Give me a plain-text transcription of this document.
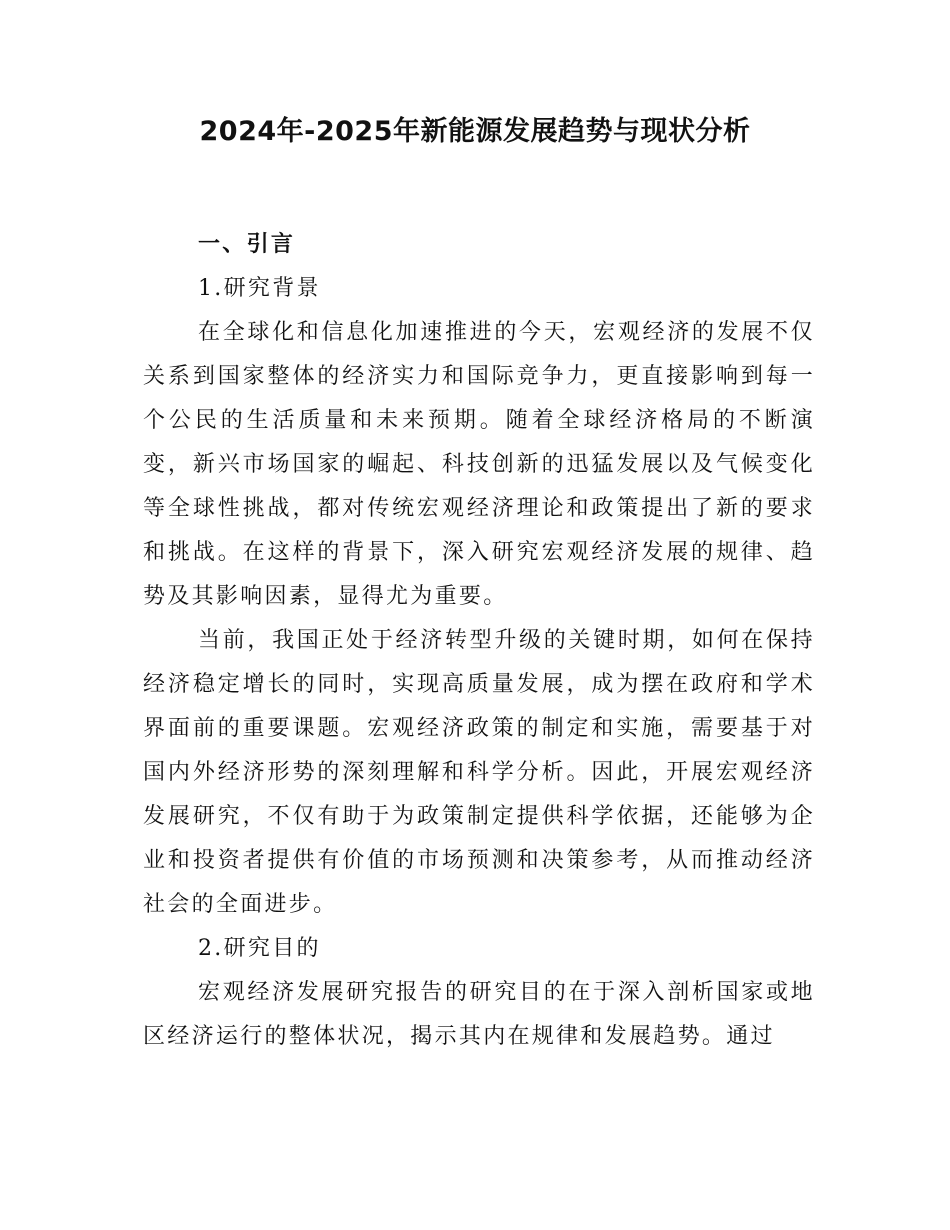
2024年-2025年新能源发展趋势与现状分析

一、引言

1.研究背景

在全球化和信息化加速推进的今天，宏观经济的发展不仅关系到国家整体的经济实力和国际竞争力，更直接影响到每一个公民的生活质量和未来预期。随着全球经济格局的不断演变，新兴市场国家的崛起、科技创新的迅猛发展以及气候变化等全球性挑战，都对传统宏观经济理论和政策提出了新的要求和挑战。在这样的背景下，深入研究宏观经济发展的规律、趋势及其影响因素，显得尤为重要。

当前，我国正处于经济转型升级的关键时期，如何在保持经济稳定增长的同时，实现高质量发展，成为摆在政府和学术界面前的重要课题。宏观经济政策的制定和实施，需要基于对国内外经济形势的深刻理解和科学分析。因此，开展宏观经济发展研究，不仅有助于为政策制定提供科学依据，还能够为企业和投资者提供有价值的市场预测和决策参考，从而推动经济社会的全面进步。

2.研究目的

宏观经济发展研究报告的研究目的在于深入剖析国家或地区经济运行的整体状况，揭示其内在规律和发展趋势。通过
